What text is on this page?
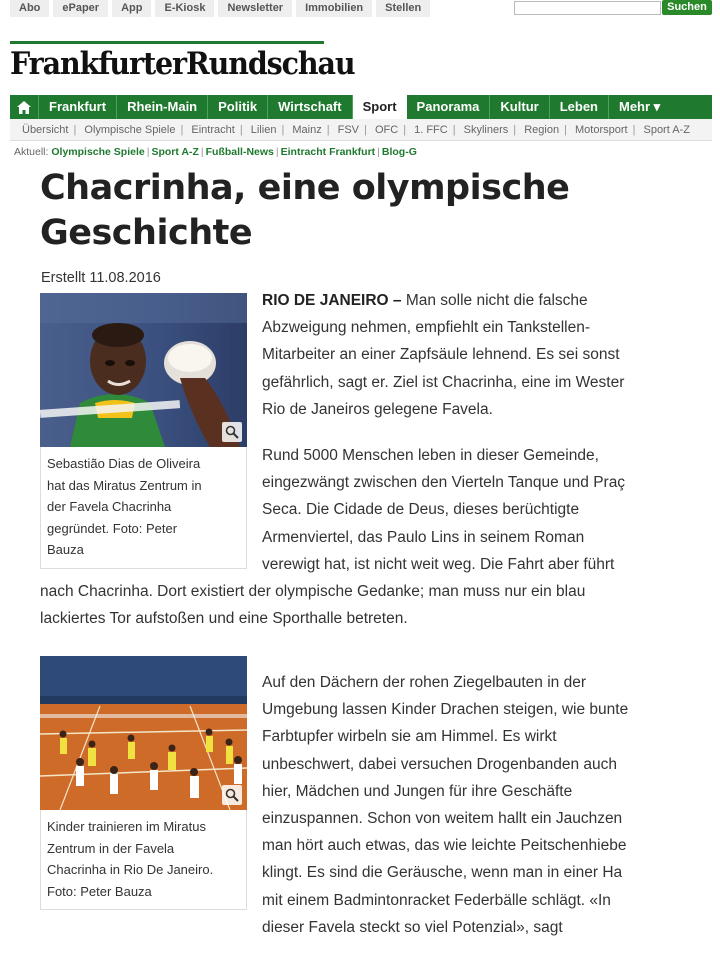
Abo	ePaper	App	E-Kiosk	Newsletter	Immobilien	Stellen	Suchen
FrankfurterRundschau
Frankfurt	Rhein-Main	Politik	Wirtschaft	Sport	Panorama	Kultur	Leben	Mehr ▾
Übersicht | Olympische Spiele | Eintracht | Lilien | Mainz | FSV | OFC | 1. FFC | Skyliners | Region | Motorsport | Sport A-Z
Aktuell: Olympische Spiele | Sport A-Z | Fußball-News | Eintracht Frankfurt | Blog-G
Chacrinha, eine olympische
Geschichte
Erstellt 11.08.2016
Sebastião Dias de Oliveira
hat das Miratus Zentrum in
der Favela Chacrinha
gegründet. Foto: Peter
Bauza
RIO DE JANEIRO – Man solle nicht die falsche
Abzweigung nehmen, empfiehlt ein Tankstellen-
Mitarbeiter an einer Zapfsäule lehnend. Es sei sonst
gefährlich, sagt er. Ziel ist Chacrinha, eine im Wester
Rio de Janeiros gelegene Favela.
Rund 5000 Menschen leben in dieser Gemeinde,
eingezwängt zwischen den Vierteln Tanque und Praç
Seca. Die Cidade de Deus, dieses berüchtigte
Armenviertel, das Paulo Lins in seinem Roman
verewigt hat, ist nicht weit weg. Die Fahrt aber führt
nach Chacrinha. Dort existiert der olympische Gedanke; man muss nur ein blau
lackiertes Tor aufstoßen und eine Sporthalle betreten.
Kinder trainieren im Miratus
Zentrum in der Favela
Chacrinha in Rio De Janeiro.
Foto: Peter Bauza
Auf den Dächern der rohen Ziegelbauten in der
Umgebung lassen Kinder Drachen steigen, wie bunte
Farbtupfer wirbeln sie am Himmel. Es wirkt
unbeschwert, dabei versuchen Drogenbanden auch
hier, Mädchen und Jungen für ihre Geschäfte
einzuspannen. Schon von weitem hallt ein Jauchzen
man hört auch etwas, das wie leichte Peitschenhiebe
klingt. Es sind die Geräusche, wenn man in einer Ha
mit einem Badmintonracket Federbälle schlägt. «In
dieser Favela steckt so viel Potenzial», sagt
